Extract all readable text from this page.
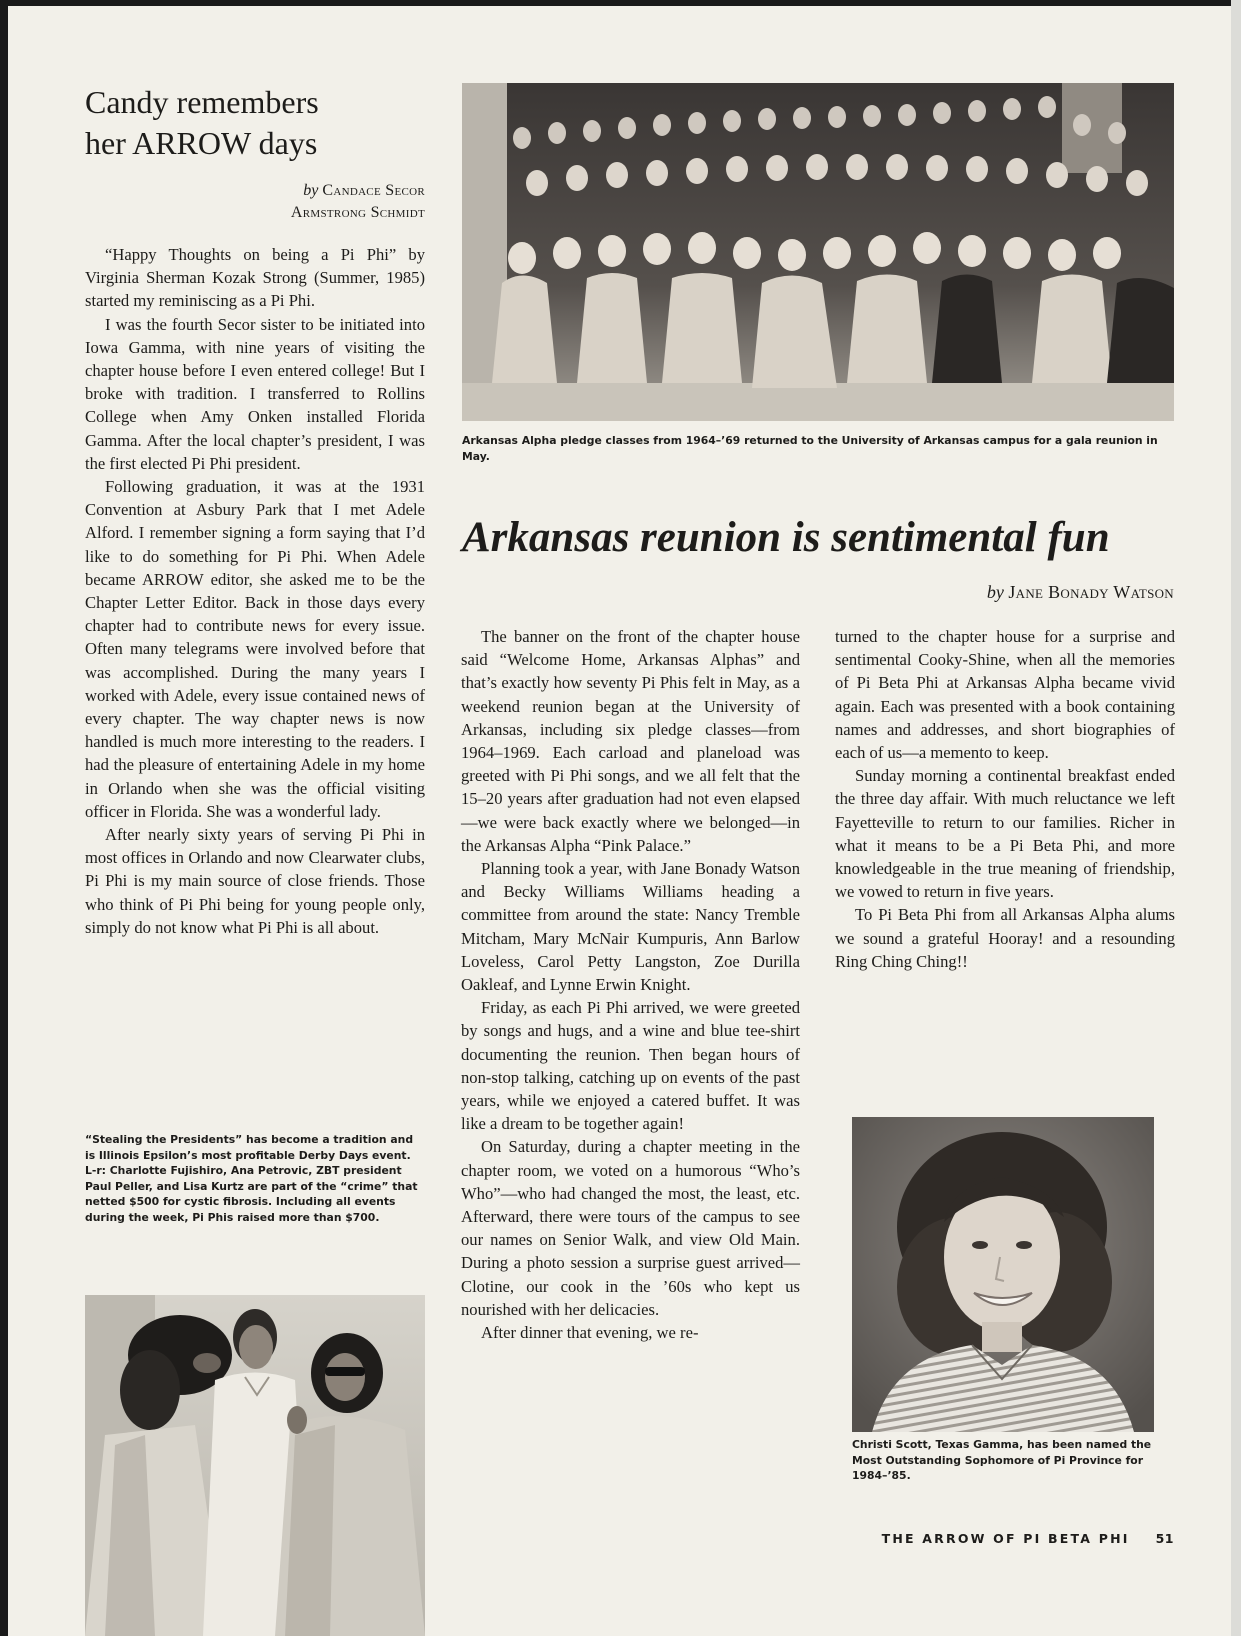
Candy remembers
her ARROW days
by Candace Secor
Armstrong Schmidt

“Happy Thoughts on being a Pi Phi” by Virginia Sherman Kozak Strong (Summer, 1985) started my reminiscing as a Pi Phi.

I was the fourth Secor sister to be initiated into Iowa Gamma, with nine years of visiting the chapter house before I even entered college! But I broke with tradition. I transferred to Rollins College when Amy Onken installed Florida Gamma. After the local chapter’s president, I was the first elected Pi Phi president.

Following graduation, it was at the 1931 Convention at Asbury Park that I met Adele Alford. I remember signing a form saying that I’d like to do something for Pi Phi. When Adele became ARROW editor, she asked me to be the Chapter Letter Editor. Back in those days every chapter had to contribute news for every issue. Often many telegrams were involved before that was accomplished. During the many years I worked with Adele, every issue contained news of every chapter. The way chapter news is now handled is much more interesting to the readers. I had the pleasure of entertaining Adele in my home in Orlando when she was the official visiting officer in Florida. She was a wonderful lady.

After nearly sixty years of serving Pi Phi in most offices in Orlando and now Clearwater clubs, Pi Phi is my main source of close friends. Those who think of Pi Phi being for young people only, simply do not know what Pi Phi is all about.

“Stealing the Presidents” has become a tradition and is Illinois Epsilon’s most profitable Derby Days event. L-r: Charlotte Fujishiro, Ana Petrovic, ZBT president Paul Peller, and Lisa Kurtz are part of the “crime” that netted $500 for cystic fibrosis. Including all events during the week, Pi Phis raised more than $700.
Arkansas Alpha pledge classes from 1964–’69 returned to the University of Arkansas campus for a gala reunion in May.
Arkansas reunion is sentimental fun
by Jane Bonady Watson

The banner on the front of the chapter house said “Welcome Home, Arkansas Alphas” and that’s exactly how seventy Pi Phis felt in May, as a weekend reunion began at the University of Arkansas, including six pledge classes—from 1964–1969. Each carload and planeload was greeted with Pi Phi songs, and we all felt that the 15–20 years after graduation had not even elapsed—we were back exactly where we belonged—in the Arkansas Alpha “Pink Palace.”

Planning took a year, with Jane Bonady Watson and Becky Williams Williams heading a committee from around the state: Nancy Tremble Mitcham, Mary McNair Kumpuris, Ann Barlow Loveless, Carol Petty Langston, Zoe Durilla Oakleaf, and Lynne Erwin Knight.

Friday, as each Pi Phi arrived, we were greeted by songs and hugs, and a wine and blue tee-shirt documenting the reunion. Then began hours of non-stop talking, catching up on events of the past years, while we enjoyed a catered buffet. It was like a dream to be together again!

On Saturday, during a chapter meeting in the chapter room, we voted on a humorous “Who’s Who”—who had changed the most, the least, etc. Afterward, there were tours of the campus to see our names on Senior Walk, and view Old Main. During a photo session a surprise guest arrived—Clotine, our cook in the ’60s who kept us nourished with her delicacies.

After dinner that evening, we re-

turned to the chapter house for a surprise and sentimental Cooky-Shine, when all the memories of Pi Beta Phi at Arkansas Alpha became vivid again. Each was presented with a book containing names and addresses, and short biographies of each of us—a memento to keep.

Sunday morning a continental breakfast ended the three day affair. With much reluctance we left Fayetteville to return to our families. Richer in what it means to be a Pi Beta Phi, and more knowledgeable in the true meaning of friendship, we vowed to return in five years.

To Pi Beta Phi from all Arkansas Alpha alums we sound a grateful Hooray! and a resounding Ring Ching Ching!!

Christi Scott, Texas Gamma, has been named the Most Outstanding Sophomore of Pi Province for 1984–’85.
THE ARROW OF PI BETA PHI 51
